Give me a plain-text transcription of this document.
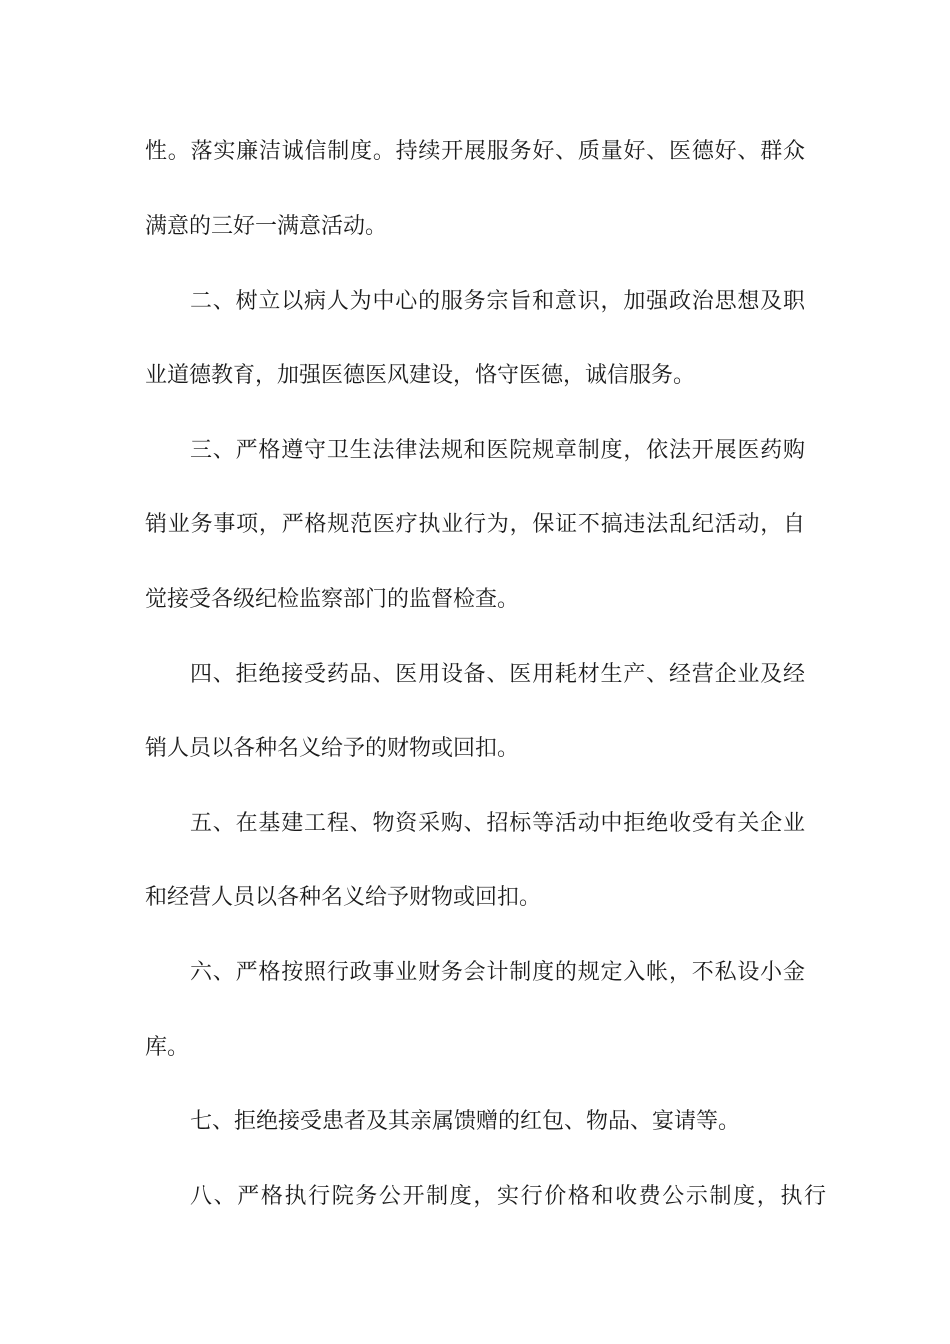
性。落实廉洁诚信制度。持续开展服务好、质量好、医德好、群众

满意的三好一满意活动。

二、树立以病人为中心的服务宗旨和意识，加强政治思想及职

业道德教育，加强医德医风建设，恪守医德，诚信服务。

三、严格遵守卫生法律法规和医院规章制度，依法开展医药购

销业务事项，严格规范医疗执业行为，保证不搞违法乱纪活动，自

觉接受各级纪检监察部门的监督检查。

四、拒绝接受药品、医用设备、医用耗材生产、经营企业及经

销人员以各种名义给予的财物或回扣。

五、在基建工程、物资采购、招标等活动中拒绝收受有关企业

和经营人员以各种名义给予财物或回扣。

六、严格按照行政事业财务会计制度的规定入帐，不私设小金

库。

七、拒绝接受患者及其亲属馈赠的红包、物品、宴请等。

八、严格执行院务公开制度，实行价格和收费公示制度，执行
